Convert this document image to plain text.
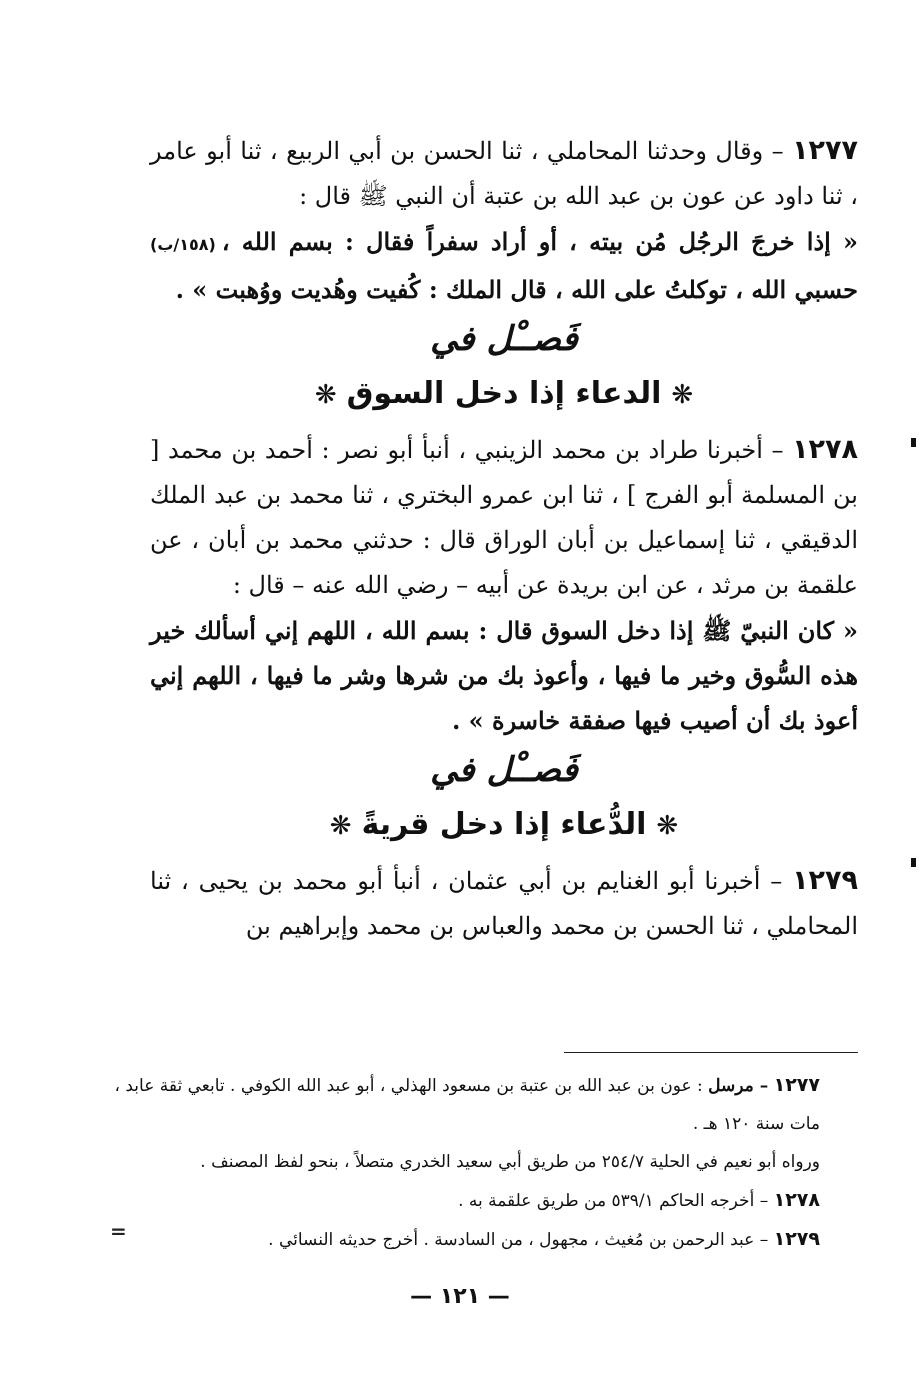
١٢٧٧ – وقال وحدثنا المحاملي ، ثنا الحسن بن أبي الربيع ، ثنا أبو عامر ، ثنا داود عن عون بن عبد الله بن عتبة أن النبي ﷺ قال :

« إذا خرجَ الرجُل مُن بيته ، أو أراد سفراً فقال : بسم الله ،(١٥٨/ب) حسبي الله ، توكلتُ على الله ، قال الملك : كُفيت وهُديت ووُهبت » .

فَصــْل في

❋الدعاء إذا دخل السوق❋

١٢٧٨ – أخبرنا طراد بن محمد الزينبي ، أنبأ أبو نصر : أحمد بن محمد [ بن المسلمة أبو الفرج ] ، ثنا ابن عمرو البختري ، ثنا محمد بن عبد الملك الدقيقي ، ثنا إسماعيل بن أبان الوراق قال : حدثني محمد بن أبان ، عن علقمة بن مرثد ، عن ابن بريدة عن أبيه – رضي الله عنه – قال :

« كان النبيّ ﷺ إذا دخل السوق قال : بسم الله ، اللهم إني أسألك خير هذه السُّوق وخير ما فيها ، وأعوذ بك من شرها وشر ما فيها ، اللهم إني أعوذ بك أن أصيب فيها صفقة خاسرة » .

فَصــْل في

❋الدُّعاء إذا دخل قريةً❋

١٢٧٩ – أخبرنا أبو الغنايم بن أبي عثمان ، أنبأ أبو محمد بن يحيى ، ثنا المحاملي ، ثنا الحسن بن محمد والعباس بن محمد وإبراهيم بن

١٢٧٧ – مرسل : عون بن عبد الله بن عتبة بن مسعود الهذلي ، أبو عبد الله الكوفي . تابعي ثقة عابد ، مات سنة ١٢٠ هـ .

ورواه أبو نعيم في الحلية ٢٥٤/٧ من طريق أبي سعيد الخدري متصلاً ، بنحو لفظ المصنف .

١٢٧٨ – أخرجه الحاكم ٥٣٩/١ من طريق علقمة به .

١٢٧٩ – عبد الرحمن بن مُغيث ، مجهول ، من السادسة . أخرج حديثه النسائي .

=
— ١٢١ —
